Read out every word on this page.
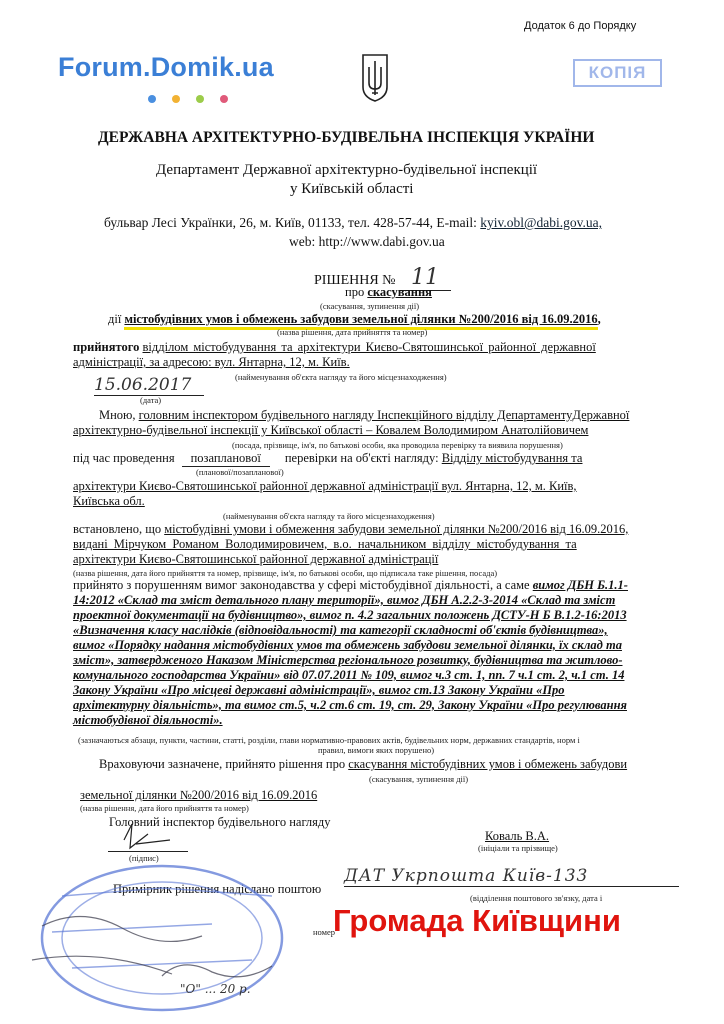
Додаток 6 до Порядку
Forum.Domik.ua	КОПІЯ
ДЕРЖАВНА АРХІТЕКТУРНО-БУДІВЕЛЬНА ІНСПЕКЦІЯ УКРАЇНИ
Департамент Державної архітектурно-будівельної інспекції
у Київській області
бульвар Лесі Українки, 26, м. Київ, 01133, тел. 428-57-44, E-mail: kyiv.obl@dabi.gov.ua,
web: http://www.dabi.gov.ua
РІШЕННЯ № 11
про скасування
(скасування, зупинення дії)
дії містобудівних умов і обмежень забудови земельної ділянки №200/2016 від 16.09.2016,
(назва рішення, дата прийняття та номер)
прийнятого відділом містобудування та архітектури Києво-Святошинської районної державної
адміністрації, за адресою: вул. Янтарна, 12, м. Київ.
(найменування об'єкта нагляду та його місцезнаходження)
15.06.2017
(дата)
Мною, головним інспектором будівельного нагляду Інспекційного відділу ДепартаментуДержавної
архітектурно-будівельної інспекції у Київської області – Ковалем Володимиром Анатолійовичем
(посада, прізвище, ім'я, по батькові особи, яка проводила перевірку та виявила порушення)
під час проведення позапланової перевірки на об'єкті нагляду: Відділу містобудування та
(планової/позапланової)
архітектури Києво-Святошинської районної державної адміністрації вул. Янтарна, 12, м. Київ,
Київська обл.
(найменування об'єкта нагляду та його місцезнаходження)
встановлено, що містобудівні умови і обмеження забудови земельної ділянки №200/2016 від 16.09.2016,
видані Мірчуком Романом Володимировичем, в.о. начальником відділу містобудування та
архітектури Києво-Святошинської районної державної адміністрації
(назва рішення, дата його прийняття та номер, прізвище, ім'я, по батькові особи, що підписала таке рішення, посада)
прийнято з порушенням вимог законодавства у сфері містобудівної діяльності, а саме вимог ДБН Б.1.1-
14:2012 «Склад та зміст детального плану території», вимог ДБН А.2.2-3-2014 «Склад та зміст
проектної документації на будівництво», вимог п. 4.2 загальних положень ДСТУ-Н Б В.1.2-16:2013
«Визначення класу наслідків (відповідальності) та категорії складності об'єктів будівництва»,
вимог «Порядку надання містобудівних умов та обмежень забудови земельної ділянки, їх склад та
зміст», затвердженого Наказом Міністерства регіонального розвитку, будівництва та житлово-
комунального господарства України» від 07.07.2011 № 109, вимог ч.3 ст. 1, пп. 7 ч.1 ст. 2, ч.1 ст. 14
Закону України «Про місцеві державні адміністрації», вимог ст.13 Закону України «Про
архітектурну діяльність», та вимог ст.5, ч.2 ст.6 ст. 19, ст. 29, Закону України «Про регулювання
містобудівної діяльності».
(зазначаються абзаци, пункти, частини, статті, розділи, глави нормативно-правових актів, будівельних норм, державних стандартів, норм і
правил, вимоги яких порушено)
Враховуючи зазначене, прийнято рішення про скасування містобудівних умов і обмежень забудови
(скасування, зупинення дії)
земельної ділянки №200/2016 від 16.09.2016
(назва рішення, дата його прийняття та номер)
Головний інспектор будівельного нагляду
Коваль В.А.
(ініціали та прізвище)
(підпис)
Примірник рішення надіслано поштою
ДАТ Укрпошта Київ-133
(відділення поштового зв'язку, дата і
номер
"О" ... 20 р.
Громада Київщини
